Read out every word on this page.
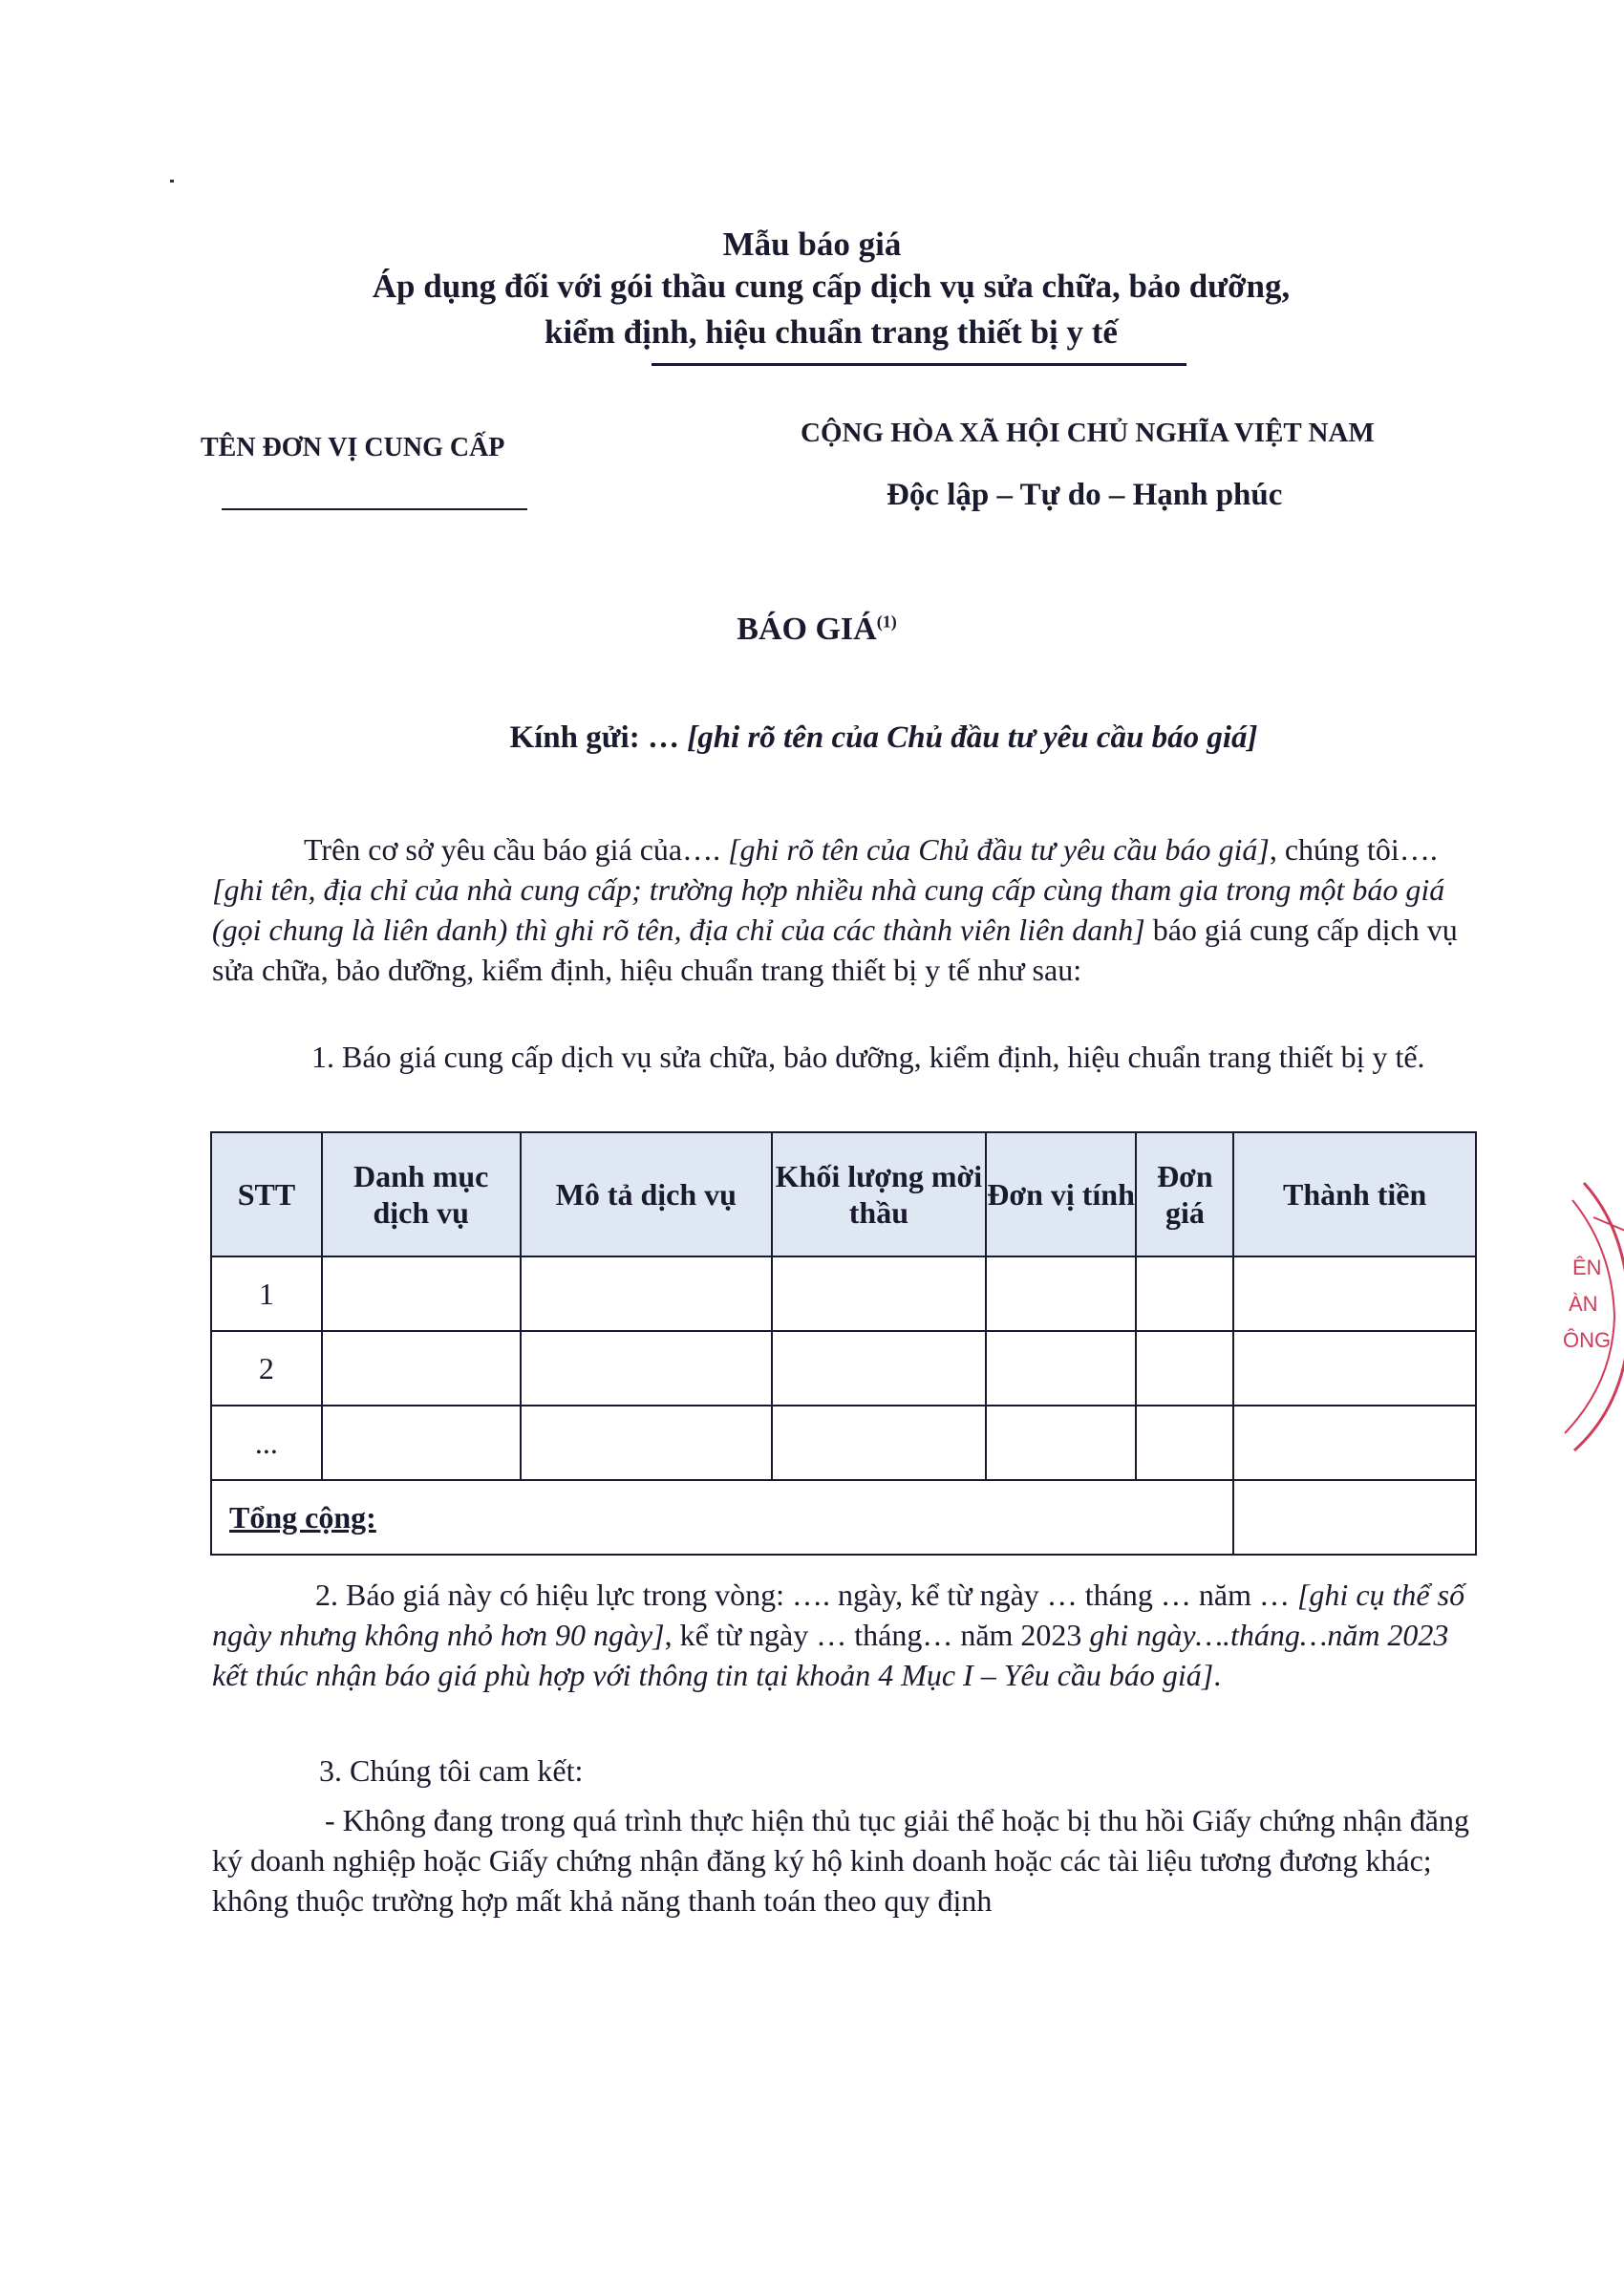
Mẫu báo giá
Áp dụng đối với gói thầu cung cấp dịch vụ sửa chữa, bảo dưỡng,
kiểm định, hiệu chuẩn trang thiết bị y tế
TÊN ĐƠN VỊ CUNG CẤP	CỘNG HÒA XÃ HỘI CHỦ NGHĨA VIỆT NAM
Độc lập – Tự do – Hạnh phúc
BÁO GIÁ$^{(1)}$
Kính gửi: … [ghi rõ tên của Chủ đầu tư yêu cầu báo giá]
Trên cơ sở yêu cầu báo giá của…. [ghi rõ tên của Chủ đầu tư yêu cầu báo giá], chúng tôi….[ghi tên, địa chỉ của nhà cung cấp; trường hợp nhiều nhà cung cấp cùng tham gia trong một báo giá (gọi chung là liên danh) thì ghi rõ tên, địa chỉ của các thành viên liên danh] báo giá cung cấp dịch vụ sửa chữa, bảo dưỡng, kiểm định, hiệu chuẩn trang thiết bị y tế như sau:
1. Báo giá cung cấp dịch vụ sửa chữa, bảo dưỡng, kiểm định, hiệu chuẩn trang thiết bị y tế.
STT	Danh mục dịch vụ	Mô tả dịch vụ	Khối lượng mời thầu	Đơn vị tính	Đơn giá	Thành tiền
1						
2						
...						
Tổng cộng:						
2. Báo giá này có hiệu lực trong vòng: …. ngày, kể từ ngày … tháng … năm … [ghi cụ thể số ngày nhưng không nhỏ hơn 90 ngày], kể từ ngày … tháng… năm 2023 ghi ngày….tháng…năm 2023 kết thúc nhận báo giá phù hợp với thông tin tại khoản 4 Mục I – Yêu cầu báo giá].
3. Chúng tôi cam kết:
- Không đang trong quá trình thực hiện thủ tục giải thể hoặc bị thu hồi Giấy chứng nhận đăng ký doanh nghiệp hoặc Giấy chứng nhận đăng ký hộ kinh doanh hoặc các tài liệu tương đương khác; không thuộc trường hợp mất khả năng thanh toán theo quy định
ÊN
ÀN
ÔNG
